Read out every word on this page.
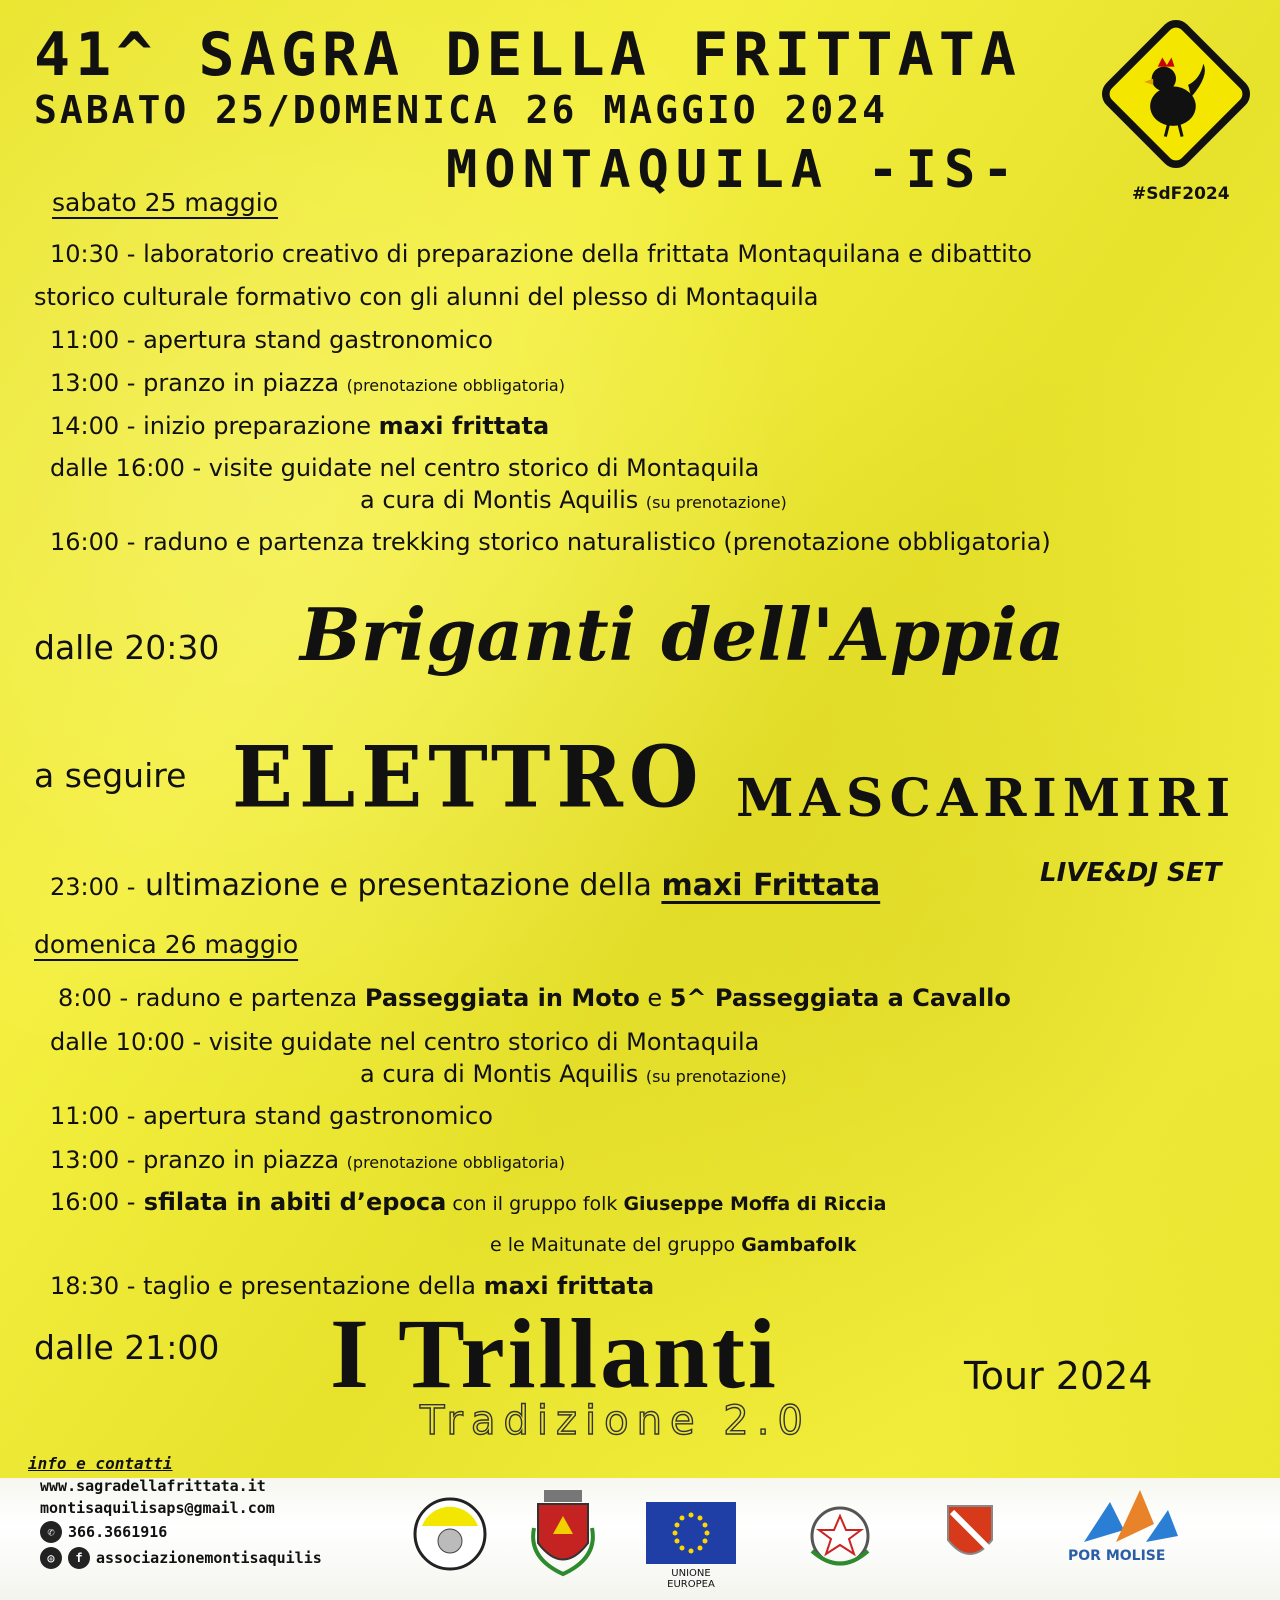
41^ SAGRA DELLA FRITTATA
SABATO 25/DOMENICA 26 MAGGIO 2024
MONTAQUILA -IS-	#SdF2024
sabato 25 maggio
10:30 - laboratorio creativo di preparazione della frittata Montaquilana e dibattito
storico culturale formativo con gli alunni del plesso di Montaquila
11:00 - apertura stand gastronomico
13:00 - pranzo in piazza (prenotazione obbligatoria)
14:00 - inizio preparazione maxi frittata
dalle 16:00 - visite guidate nel centro storico di Montaquila
a cura di Montis Aquilis (su prenotazione)
16:00 - raduno e partenza trekking storico naturalistico (prenotazione obbligatoria)
dalle 20:30 Briganti dell'Appia
a seguire ELETTRO MASCARIMIRI
LIVE&DJ SET
23:00 - ultimazione e presentazione della maxi Frittata
domenica 26 maggio
8:00 - raduno e partenza Passeggiata in Moto e 5^ Passeggiata a Cavallo
dalle 10:00 - visite guidate nel centro storico di Montaquila
a cura di Montis Aquilis (su prenotazione)
11:00 - apertura stand gastronomico
13:00 - pranzo in piazza (prenotazione obbligatoria)
16:00 - sfilata in abiti d’epoca con il gruppo folk Giuseppe Moffa di Riccia
e le Maitunate del gruppo Gambafolk
18:30 - taglio e presentazione della maxi frittata
dalle 21:00 I Trillanti	Tour 2024
Tradizione 2.0
info e contatti
www.sagradellafrittata.it
montisaquilisaps@gmail.com
✆ 366.3661916
◎	f associazionemontisaquilis
UNIONE EUROPEA
POR MOLISE
